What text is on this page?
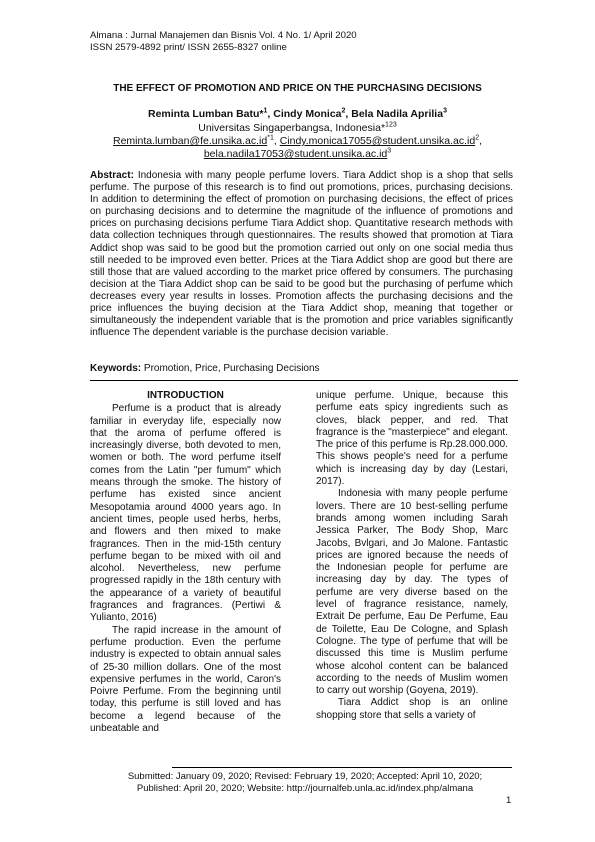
Almana : Jurnal Manajemen dan Bisnis Vol. 4 No. 1/ April 2020
ISSN 2579-4892 print/ ISSN 2655-8327 online
THE EFFECT OF PROMOTION AND PRICE ON THE PURCHASING DECISIONS
Reminta Lumban Batu*$^1$, Cindy Monica$^2$, Bela Nadila Aprilia$^3$
Universitas Singaperbangsa, Indonesia*$^{123}$
$Reminta.lumban@fe.unsika.ac.id^{*1}$, $Cindy.monica17055@student.unsika.ac.id^2$,
$bela.nadila17053@student.unsika.ac.id^3$
Abstract: Indonesia with many people perfume lovers. Tiara Addict shop is a shop that sells perfume. The purpose of this research is to find out promotions, prices, purchasing decisions. In addition to determining the effect of promotion on purchasing decisions, the effect of prices on purchasing decisions and to determine the magnitude of the influence of promotions and prices on purchasing decisions perfume Tiara Addict shop. Quantitative research methods with data collection techniques through questionnaires. The results showed that promotion at Tiara Addict shop was said to be good but the promotion carried out only on one social media thus still needed to be improved even better. Prices at the Tiara Addict shop are good but there are still those that are valued according to the market price offered by consumers. The purchasing decision at the Tiara Addict shop can be said to be good but the purchasing of perfume which decreases every year results in losses. Promotion affects the purchasing decisions and the price influences the buying decision at the Tiara Addict shop, meaning that together or simultaneously the independent variable that is the promotion and price variables significantly influence The dependent variable is the purchase decision variable.
Keywords: Promotion, Price, Purchasing Decisions

INTRODUCTION

Perfume is a product that is already familiar in everyday life, especially now that the aroma of perfume offered is increasingly diverse, both devoted to men, women or both. The word perfume itself comes from the Latin "per fumum" which means through the smoke. The history of perfume has existed since ancient Mesopotamia around 4000 years ago. In ancient times, people used herbs, herbs, and flowers and then mixed to make fragrances. Then in the mid-15th century perfume began to be mixed with oil and alcohol. Nevertheless, new perfume progressed rapidly in the 18th century with the appearance of a variety of beautiful fragrances and fragrances. (Pertiwi & Yulianto, 2016)

The rapid increase in the amount of perfume production. Even the perfume industry is expected to obtain annual sales of 25-30 million dollars. One of the most expensive perfumes in the world, Caron's Poivre Perfume. From the beginning until today, this perfume is still loved and has become a legend because of the unbeatable and

unique perfume. Unique, because this perfume eats spicy ingredients such as cloves, black pepper, and red. That fragrance is the "masterpiece" and elegant. The price of this perfume is Rp.28.000.000. This shows people's need for a perfume which is increasing day by day (Lestari, 2017).

Indonesia with many people perfume lovers. There are 10 best-selling perfume brands among women including Sarah Jessica Parker, The Body Shop, Marc Jacobs, Bvlgari, and Jo Malone. Fantastic prices are ignored because the needs of the Indonesian people for perfume are increasing day by day. The types of perfume are very diverse based on the level of fragrance resistance, namely, Extrait De perfume, Eau De Perfume, Eau de Toilette, Eau De Cologne, and Splash Cologne. The type of perfume that will be discussed this time is Muslim perfume whose alcohol content can be balanced according to the needs of Muslim women to carry out worship (Goyena, 2019).

Tiara Addict shop is an online shopping store that sells a variety of

Submitted: January 09, 2020; Revised: February 19, 2020; Accepted: April 10, 2020;
Published: April 20, 2020; Website: http://journalfeb.unla.ac.id/index.php/almana
1
